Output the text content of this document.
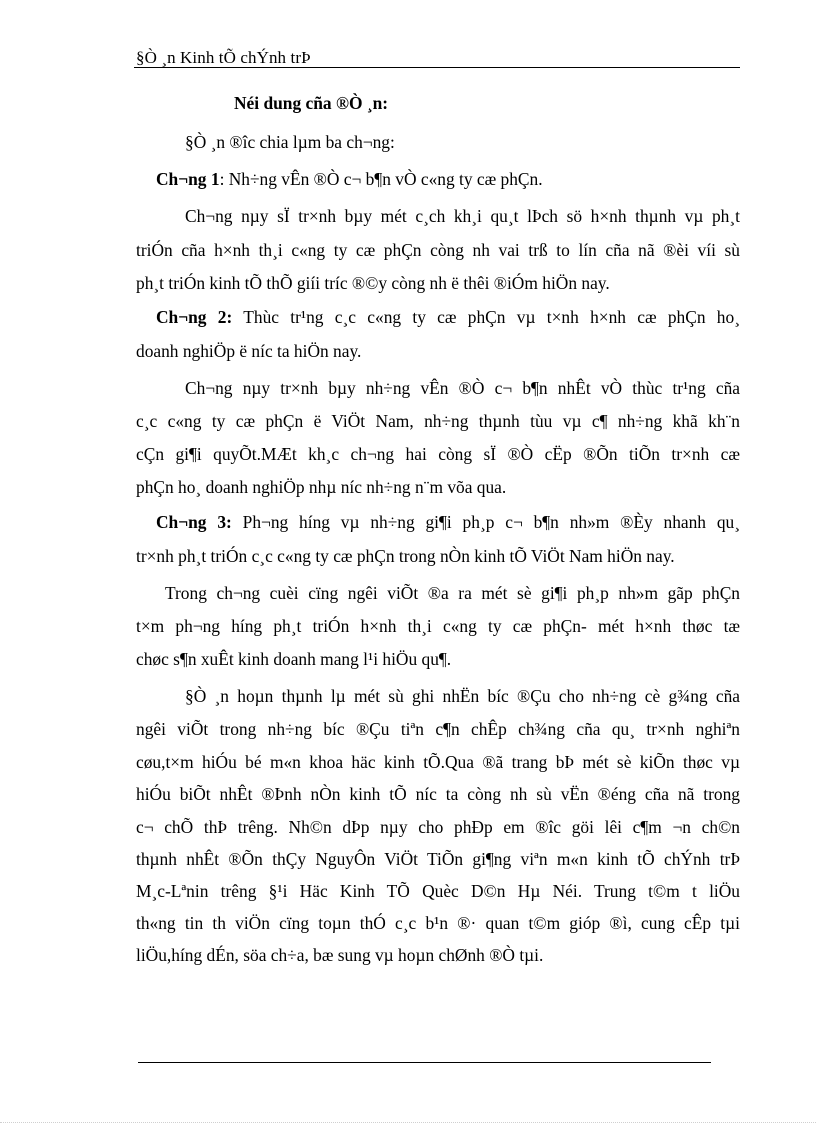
§Ò ¸n Kinh tÕ chÝnh trÞ
Néi dung cña ®Ò ¸n:
§Ò ¸n ®îc chia lµm ba ch¬ng:
Ch¬ng 1: Nh÷ng vÊn ®Ò c¬ b¶n vÒ c«ng ty cæ phÇn.
Ch¬ng nµy sÏ tr×nh bµy mét c¸ch kh¸i qu¸t lÞch sö h×nh thµnh vµ ph¸t
triÓn cña h×nh th¸i c«ng ty cæ phÇn còng nh vai trß to lín cña nã ®èi víi sù
ph¸t triÓn kinh tÕ thÕ giíi tríc ®©y còng nh ë thêi ®iÓm hiÖn nay.
Ch¬ng 2: Thùc tr¹ng c¸c c«ng ty cæ phÇn vµ t×nh h×nh cæ phÇn ho¸
doanh nghiÖp ë níc ta hiÖn nay.
Ch¬ng nµy tr×nh bµy nh÷ng vÊn ®Ò c¬ b¶n nhÊt vÒ thùc tr¹ng cña
c¸c c«ng ty cæ phÇn ë ViÖt Nam, nh÷ng thµnh tùu vµ c¶ nh÷ng khã kh¨n
cÇn gi¶i quyÕt.MÆt kh¸c ch¬ng hai còng sÏ ®Ò cËp ®Õn tiÕn tr×nh cæ
phÇn ho¸ doanh nghiÖp nhµ níc nh÷ng n¨m võa qua.
Ch¬ng 3: Ph¬ng híng vµ nh÷ng gi¶i ph¸p c¬ b¶n nh»m ®Èy nhanh qu¸
tr×nh ph¸t triÓn c¸c c«ng ty cæ phÇn trong nÒn kinh tÕ ViÖt Nam hiÖn nay.
Trong ch¬ng cuèi cïng ngêi viÕt ®a ra mét sè gi¶i ph¸p nh»m gãp phÇn
t×m ph¬ng híng ph¸t triÓn h×nh th¸i c«ng ty cæ phÇn- mét h×nh thøc tæ
chøc s¶n xuÊt kinh doanh mang l¹i hiÖu qu¶.
§Ò ¸n hoµn thµnh lµ mét sù ghi nhËn bíc ®Çu cho nh÷ng cè g¾ng cña
ngêi viÕt trong nh÷ng bíc ®Çu tiªn c¶n chÊp ch¾ng cña qu¸ tr×nh nghiªn
cøu,t×m hiÓu bé m«n khoa häc kinh tÕ.Qua ®ã trang bÞ mét sè kiÕn thøc vµ
hiÓu biÕt nhÊt ®Þnh nÒn kinh tÕ níc ta còng nh sù vËn ®éng cña nã trong
c¬ chÕ thÞ trêng. Nh©n dÞp nµy cho phÐp em ®îc göi lêi c¶m ¬n ch©n
thµnh nhÊt ®Õn thÇy NguyÔn ViÖt TiÕn gi¶ng viªn m«n kinh tÕ chÝnh trÞ
M¸c-Lªnin trêng §¹i Häc Kinh TÕ Quèc D©n Hµ Néi. Trung t©m t liÖu
th«ng tin th viÖn cïng toµn thÓ c¸c b¹n ®· quan t©m gióp ®ì, cung cÊp tµi
liÖu,híng dÉn, söa ch÷a, bæ sung vµ hoµn chØnh ®Ò tµi.
